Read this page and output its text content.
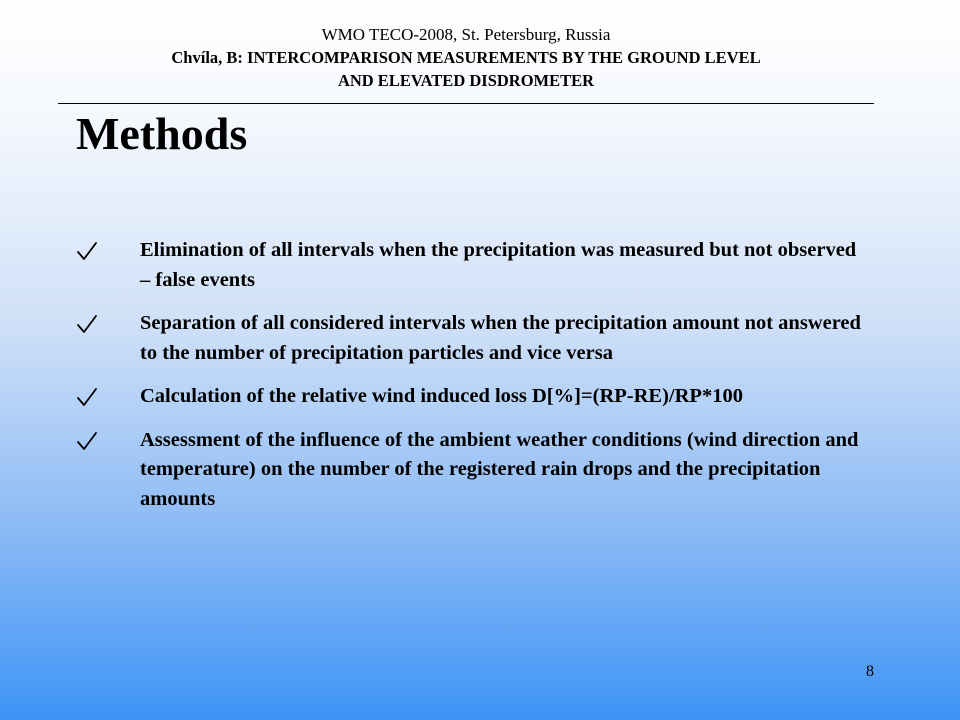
WMO TECO-2008, St. Petersburg, Russia
Chvíla, B: INTERCOMPARISON MEASUREMENTS BY THE GROUND LEVEL
AND ELEVATED DISDROMETER
Methods
Elimination of all intervals when the precipitation was measured but not observed – false events
Separation of all considered intervals when the precipitation amount not answered to the number of precipitation particles and vice versa
Calculation of the relative wind induced loss D[%]=(RP-RE)/RP*100
Assessment of the influence of the ambient weather conditions (wind direction and temperature) on the number of the registered rain drops and the precipitation amounts
8
